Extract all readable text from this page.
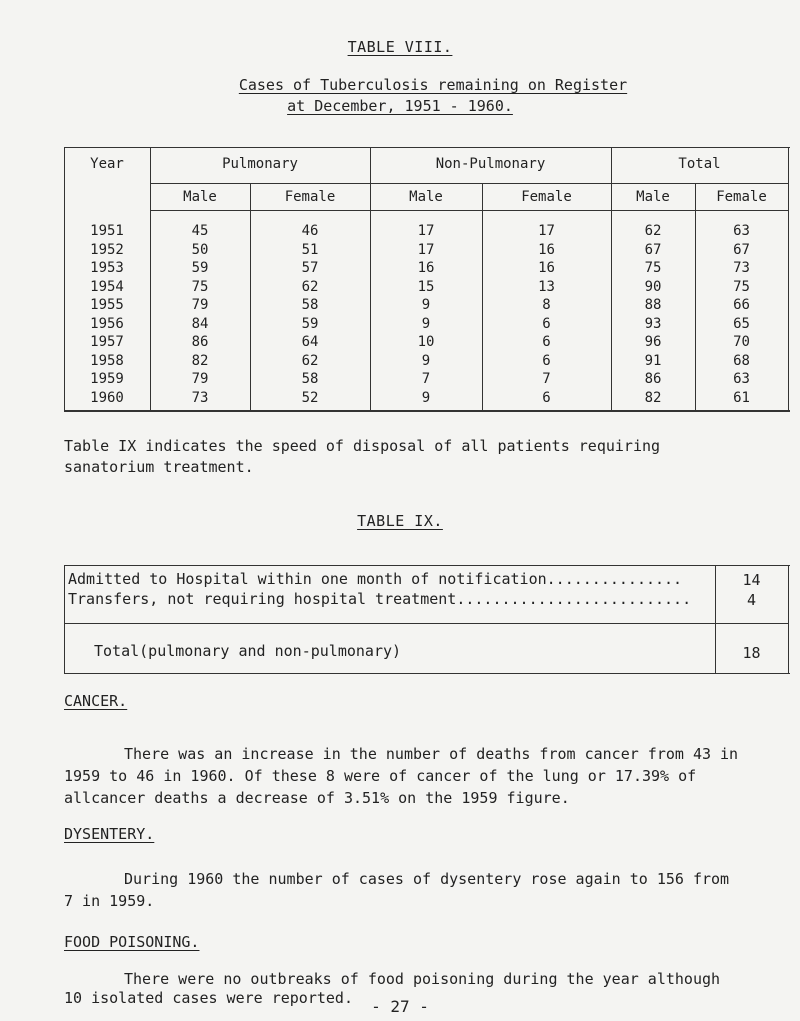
TABLE VIII.
Cases of Tuberculosis remaining on Register
at December, 1951 - 1960.
Year	Pulmonary	Non-Pulmonary	Total
Male	Female	Male	Female	Male	Female
1951	45	46	17	17	62	63
1952	50	51	17	16	67	67
1953	59	57	16	16	75	73
1954	75	62	15	13	90	75
1955	79	58	9	8	88	66
1956	84	59	9	6	93	65
1957	86	64	10	6	96	70
1958	82	62	9	6	91	68
1959	79	58	7	7	86	63
1960	73	52	9	6	82	61
Table IX indicates the speed of disposal of all patients requiring
sanatorium treatment.
TABLE IX.
Admitted to Hospital within one month of notification...............	14
Transfers, not requiring hospital treatment..........................	4
Total(pulmonary and non-pulmonary)	18
CANCER.
There was an increase in the number of deaths from cancer from 43 in
1959 to 46 in 1960. Of these 8 were of cancer of the lung or 17.39% of
allcancer deaths a decrease of 3.51% on the 1959 figure.
DYSENTERY.
During 1960 the number of cases of dysentery rose again to 156 from
7 in 1959.
FOOD POISONING.
There were no outbreaks of food poisoning during the year although
10 isolated cases were reported.	- 27 -
